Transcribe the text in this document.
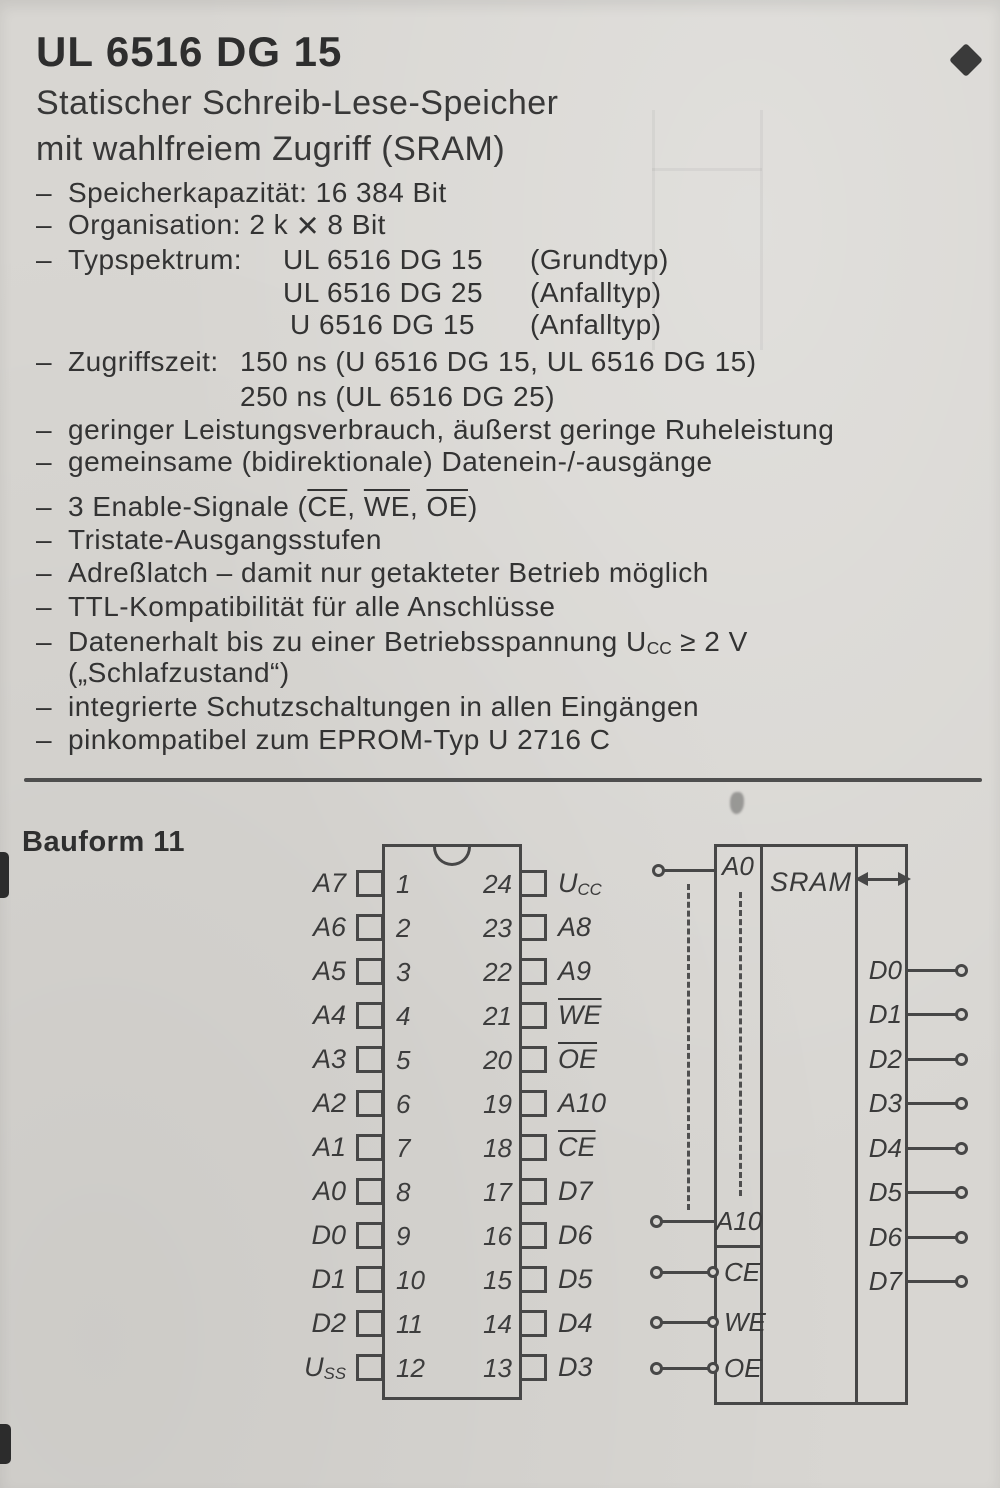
UL 6516 DG 15
Statischer Schreib-Lese-Speicher
mit wahlfreiem Zugriff (SRAM)
– Speicherkapazität: 16 384 Bit
– Organisation: 2 k × 8 Bit
– Typspektrum: UL 6516 DG 15 (Grundtyp)
UL 6516 DG 25 (Anfalltyp)
U 6516 DG 15 (Anfalltyp)
– Zugriffszeit: 150 ns (U 6516 DG 15, UL 6516 DG 15)
250 ns (UL 6516 DG 25)
– geringer Leistungsverbrauch, äußerst geringe Ruheleistung
– gemeinsame (bidirektionale) Datenein-/-ausgänge
– 3 Enable-Signale ($\overline{CE}$, $\overline{WE}$, $\overline{OE}$)
– Tristate-Ausgangsstufen
– Adreßlatch – damit nur getakteter Betrieb möglich
– TTL-Kompatibilität für alle Anschlüsse
– Datenerhalt bis zu einer Betriebsspannung UCC ≥ 2 V
(„Schlafzustand“)
– integrierte Schutzschaltungen in allen Eingängen
– pinkompatibel zum EPROM-Typ U 2716 C
Bauform 11
A7 1
A6 2
A5 3
A4 4
A3 5
A2 6
A1 7
A0 8
D0 9
D1 10
D2 11
USS 12
24 UCC
23 A8
22 A9
21 $\overline{WE}$
20 $\overline{OE}$
19 A10
18 $\overline{CE}$
17 D7
16 D6
15 D5
14 D4
13 D3
A0
SRAM
A10
CE
WE
OE
D0
D1
D2
D3
D4
D5
D6
D7
